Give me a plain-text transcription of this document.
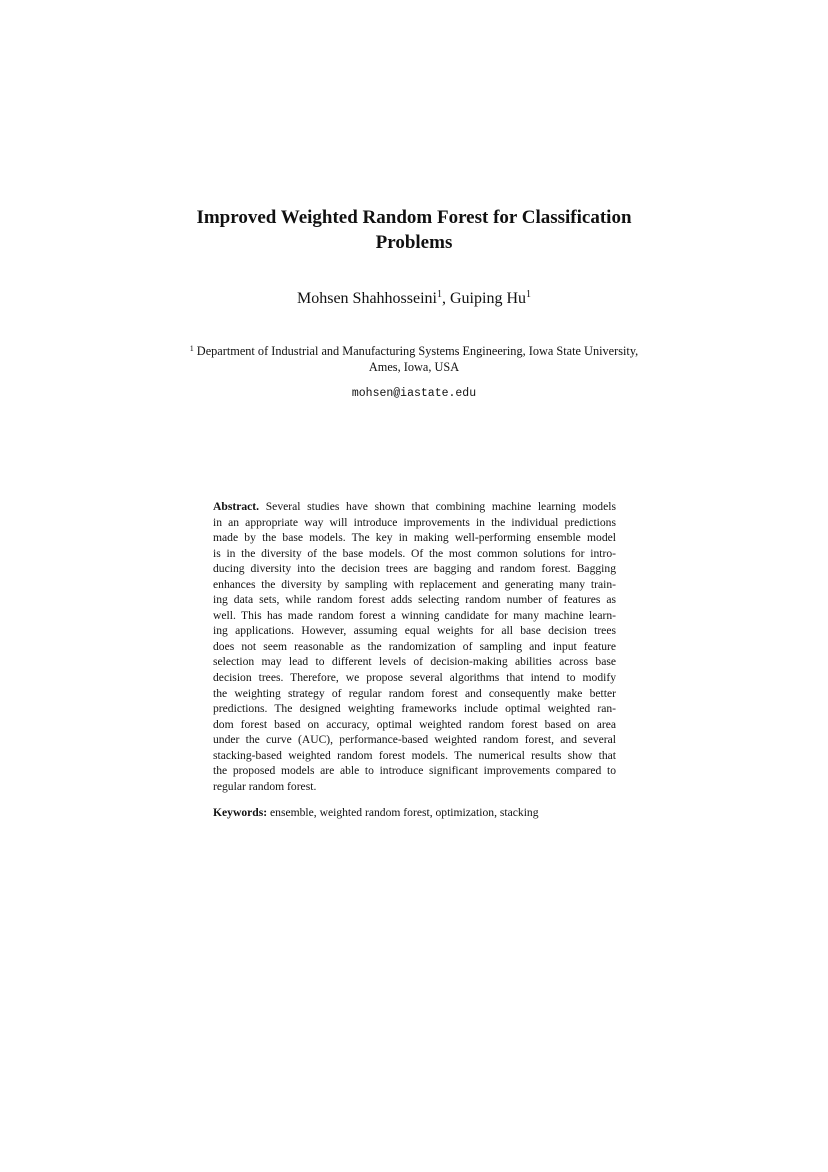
Improved Weighted Random Forest for Classification
Problems
Mohsen Shahhosseini$^1$, Guiping Hu$^1$
$^1$ Department of Industrial and Manufacturing Systems Engineering, Iowa State University,
Ames, Iowa, USA
mohsen@iastate.edu
Abstract. Several studies have shown that combining machine learning models
in an appropriate way will introduce improvements in the individual predictions
made by the base models. The key in making well-performing ensemble model
is in the diversity of the base models. Of the most common solutions for intro-
ducing diversity into the decision trees are bagging and random forest. Bagging
enhances the diversity by sampling with replacement and generating many train-
ing data sets, while random forest adds selecting random number of features as
well. This has made random forest a winning candidate for many machine learn-
ing applications. However, assuming equal weights for all base decision trees
does not seem reasonable as the randomization of sampling and input feature
selection may lead to different levels of decision-making abilities across base
decision trees. Therefore, we propose several algorithms that intend to modify
the weighting strategy of regular random forest and consequently make better
predictions. The designed weighting frameworks include optimal weighted ran-
dom forest based on accuracy, optimal weighted random forest based on area
under the curve (AUC), performance-based weighted random forest, and several
stacking-based weighted random forest models. The numerical results show that
the proposed models are able to introduce significant improvements compared to
regular random forest.
Keywords: ensemble, weighted random forest, optimization, stacking
